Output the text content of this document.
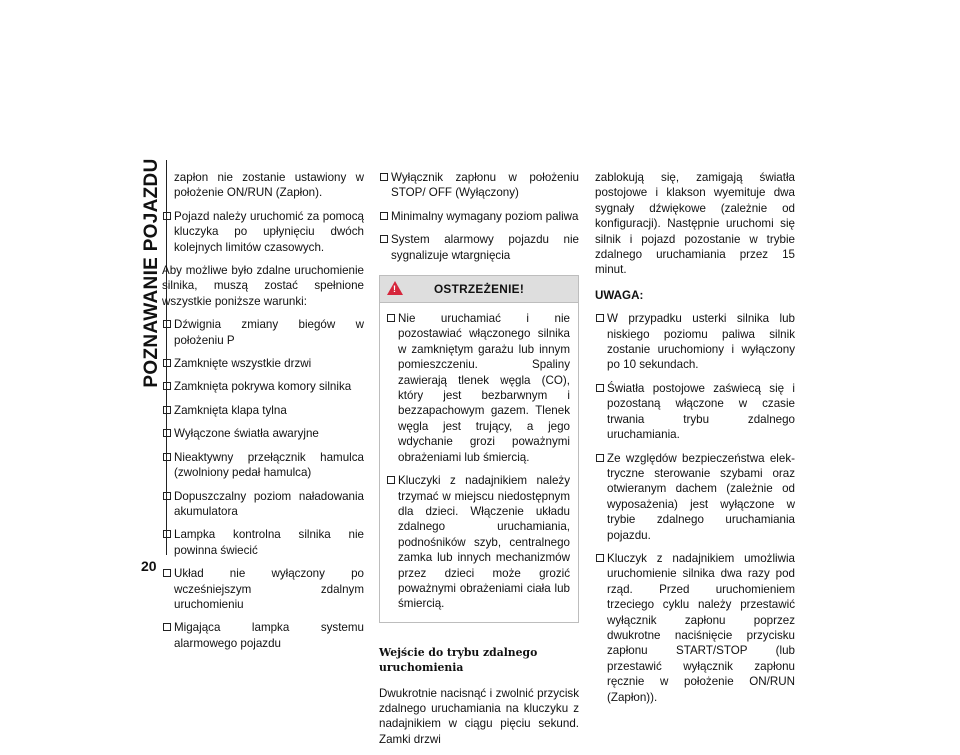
POZNAWANIE POJAZDU
20
zapłon nie zostanie ustawiony w położenie ON/RUN (Zapłon).
Pojazd należy uruchomić za pomocą kluczyka po upłynięciu dwóch kolejnych limitów czasowych.
Aby możliwe było zdalne uruchomienie silnika, muszą zostać spełnione wszystkie poniższe warunki:
Dźwignia zmiany biegów w położeniu P
Zamknięte wszystkie drzwi
Zamknięta pokrywa komory silnika
Zamknięta klapa tylna
Wyłączone światła awaryjne
Nieaktywny przełącznik hamulca (zwolniony pedał hamulca)
Dopuszczalny poziom naładowania akumulatora
Lampka kontrolna silnika nie powinna świecić
Układ nie wyłączony po wcześniejszym zdalnym uruchomieniu
Migająca lampka systemu alarmowego pojazdu
Wyłącznik zapłonu w położeniu STOP/ OFF (Wyłączony)
Minimalny wymagany poziom paliwa
System alarmowy pojazdu nie sygnalizuje wtargnięcia
!	OSTRZEŻENIE!
Nie uruchamiać i nie pozostawiać włączonego silnika w zamkniętym garażu lub innym pomieszczeniu. Spaliny zawierają tlenek węgla (CO), który jest bezbarwnym i bezzapachowym gazem. Tlenek węgla jest trujący, a jego wdychanie grozi poważnymi obrażeniami lub śmiercią.
Kluczyki z nadajnikiem należy trzymać w miejscu niedostępnym dla dzieci. Włączenie układu zdalnego uruchamiania, podnośników szyb, centralnego zamka lub innych mechanizmów przez dzieci może grozić poważnymi obrażeniami ciała lub śmiercią.
Wejście do trybu zdalnego uruchomienia
Dwukrotnie nacisnąć i zwolnić przycisk zdalnego uruchamiania na kluczyku z nadajnikiem w ciągu pięciu sekund. Zamki drzwi
zablokują się, zamigają światła postojowe i klakson wyemituje dwa sygnały dźwiękowe (zależnie od konfiguracji). Następnie uruchomi się silnik i pojazd pozostanie w trybie zdalnego uruchamiania przez 15 minut.
UWAGA:
W przypadku usterki silnika lub niskiego poziomu paliwa silnik zostanie uruchomiony i wyłączony po 10 sekundach.
Światła postojowe zaświecą się i pozostaną włączone w czasie trwania trybu zdalnego uruchamiania.
Ze względów bezpieczeństwa elektryczne sterowanie szybami oraz otwieranym dachem (zależnie od wyposażenia) jest wyłączone w trybie zdalnego uruchamiania pojazdu.
Kluczyk z nadajnikiem umożliwia uruchomienie silnika dwa razy pod rząd. Przed uruchomieniem trzeciego cyklu należy przestawić wyłącznik zapłonu poprzez dwukrotne naciśnięcie przycisku zapłonu START/STOP (lub przestawić wyłącznik zapłonu ręcznie w położenie ON/RUN (Zapłon)).
